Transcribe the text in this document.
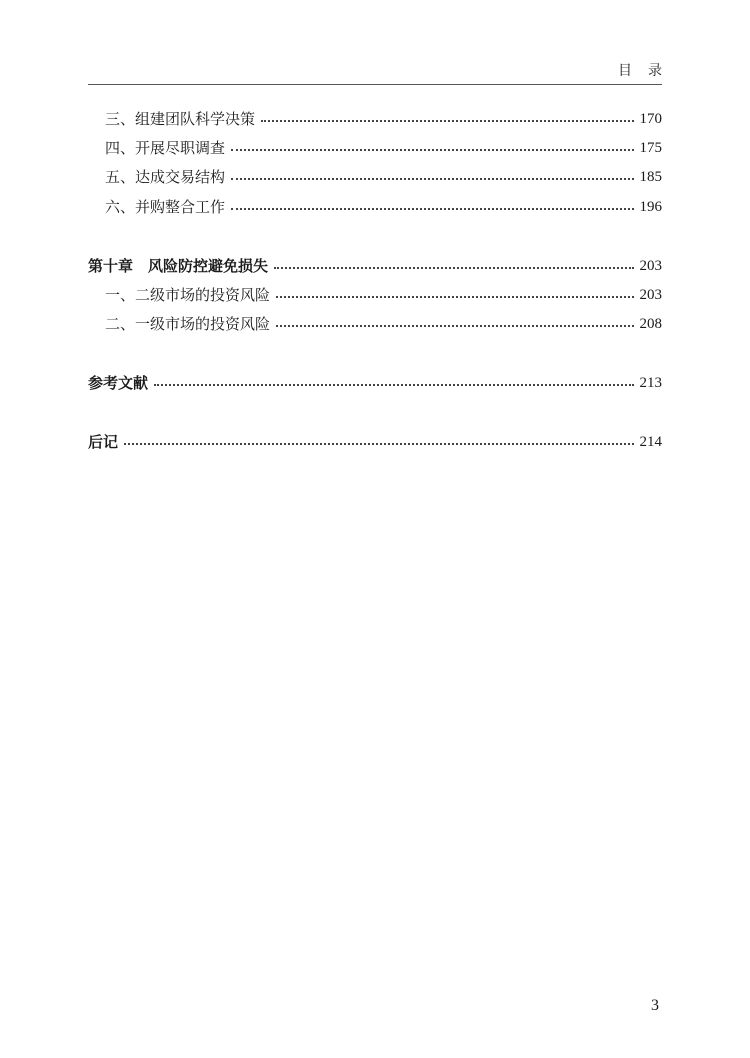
目录
三、组建团队科学决策	170
四、开展尽职调查	175
五、达成交易结构	185
六、并购整合工作	196
第十章　风险防控避免损失	203
一、二级市场的投资风险	203
二、一级市场的投资风险	208
参考文献	213
后记	214
3
